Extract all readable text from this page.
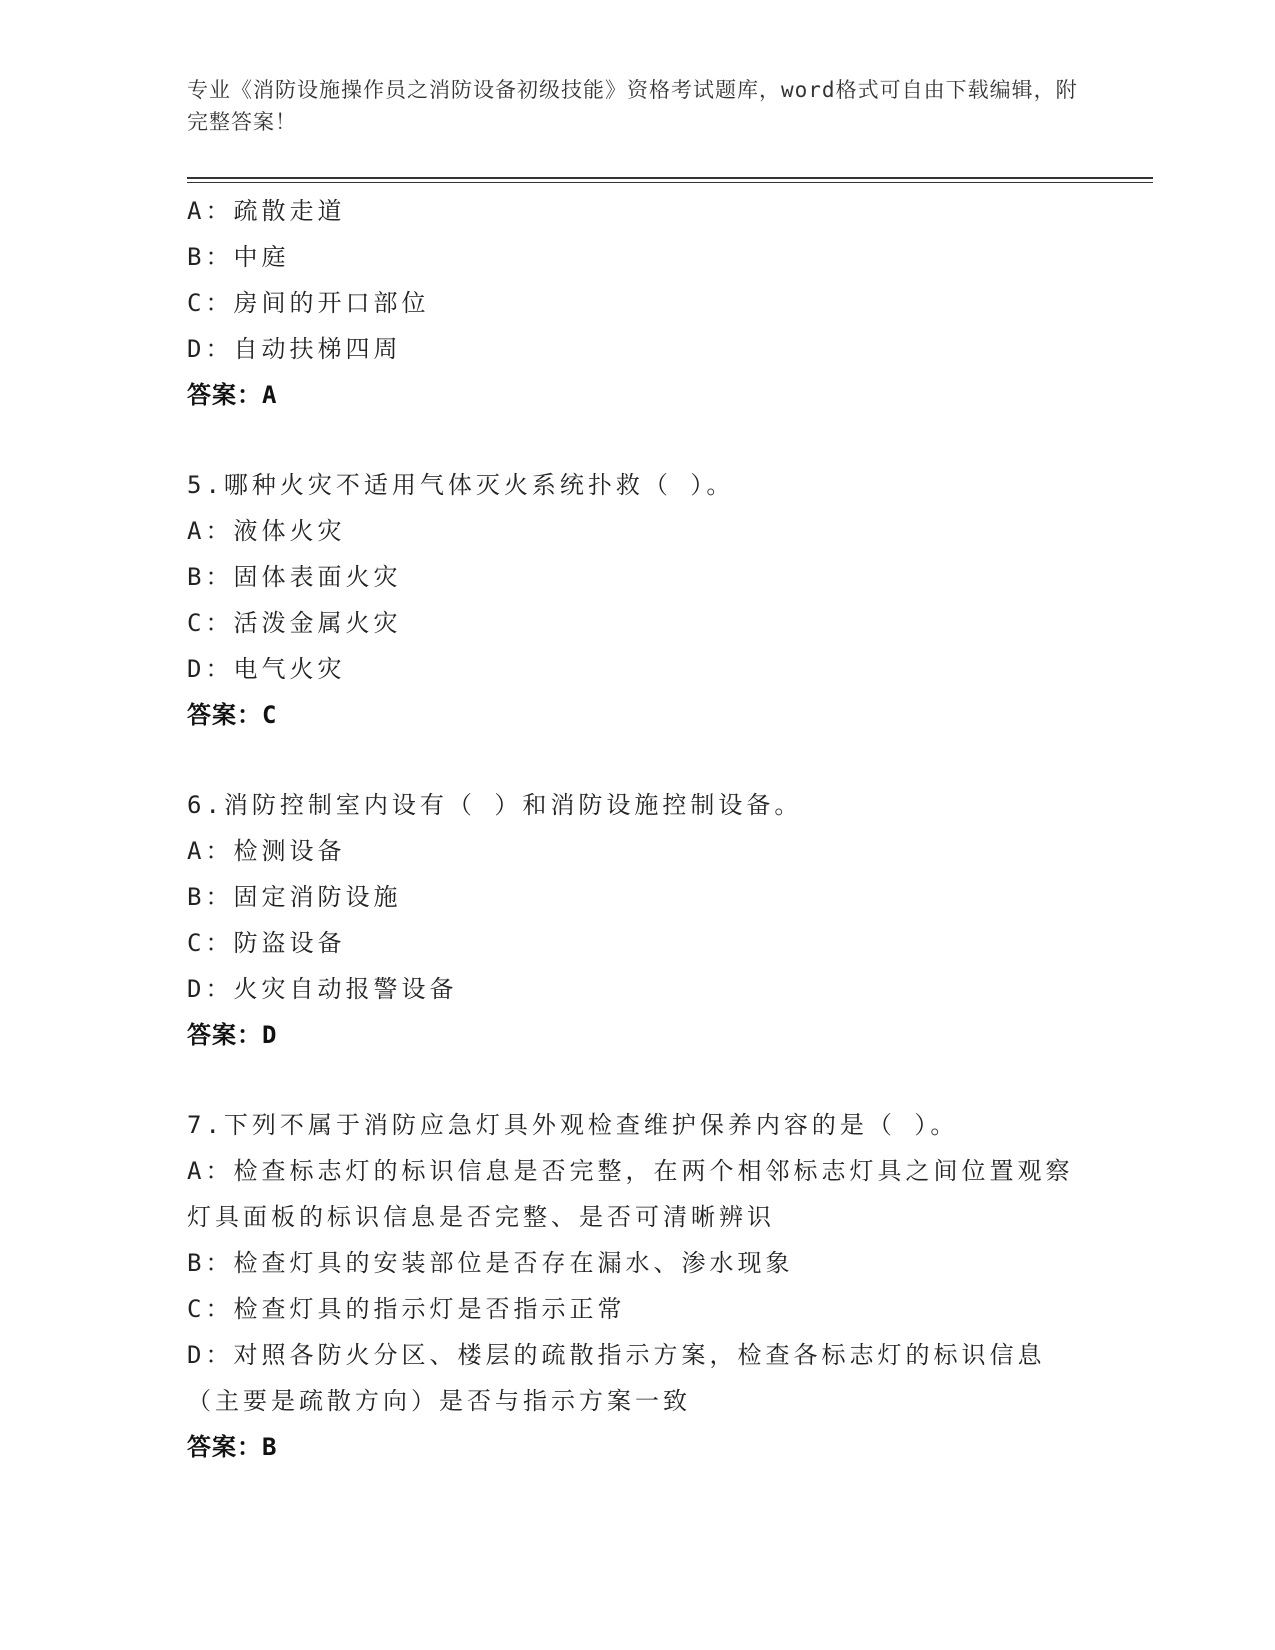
专业《消防设施操作员之消防设备初级技能》资格考试题库，word格式可自由下载编辑，附完整答案！
A：疏散走道
B：中庭
C：房间的开口部位
D：自动扶梯四周
答案：A
5.哪种火灾不适用气体灭火系统扑救（ ）。
A：液体火灾
B：固体表面火灾
C：活泼金属火灾
D：电气火灾
答案：C
6.消防控制室内设有（ ）和消防设施控制设备。
A：检测设备
B：固定消防设施
C：防盗设备
D：火灾自动报警设备
答案：D
7.下列不属于消防应急灯具外观检查维护保养内容的是（ ）。
A：检查标志灯的标识信息是否完整，在两个相邻标志灯具之间位置观察灯具面板的标识信息是否完整、是否可清晰辨识
B：检查灯具的安装部位是否存在漏水、渗水现象
C：检查灯具的指示灯是否指示正常
D：对照各防火分区、楼层的疏散指示方案，检查各标志灯的标识信息（主要是疏散方向）是否与指示方案一致
答案：B
